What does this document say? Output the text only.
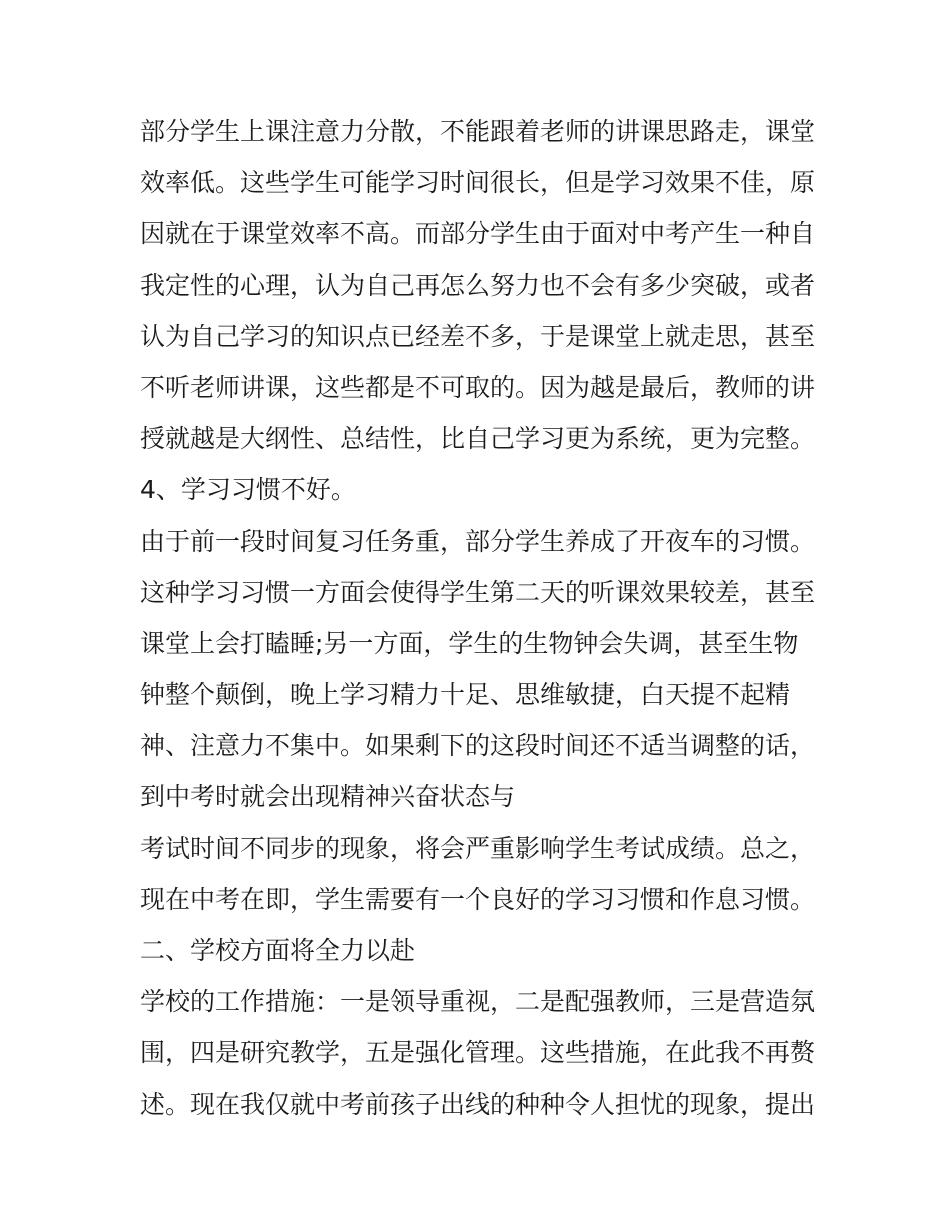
部分学生上课注意力分散，不能跟着老师的讲课思路走，课堂
效率低。这些学生可能学习时间很长，但是学习效果不佳，原
因就在于课堂效率不高。而部分学生由于面对中考产生一种自
我定性的心理，认为自己再怎么努力也不会有多少突破，或者
认为自己学习的知识点已经差不多，于是课堂上就走思，甚至
不听老师讲课，这些都是不可取的。因为越是最后，教师的讲
授就越是大纲性、总结性，比自己学习更为系统，更为完整。
4、学习习惯不好。
由于前一段时间复习任务重，部分学生养成了开夜车的习惯。
这种学习习惯一方面会使得学生第二天的听课效果较差，甚至
课堂上会打瞌睡;另一方面，学生的生物钟会失调，甚至生物
钟整个颠倒，晚上学习精力十足、思维敏捷，白天提不起精
神、注意力不集中。如果剩下的这段时间还不适当调整的话，
到中考时就会出现精神兴奋状态与
考试时间不同步的现象，将会严重影响学生考试成绩。总之，
现在中考在即，学生需要有一个良好的学习习惯和作息习惯。
二、学校方面将全力以赴
学校的工作措施：一是领导重视，二是配强教师，三是营造氛
围，四是研究教学，五是强化管理。这些措施，在此我不再赘
述。现在我仅就中考前孩子出线的种种令人担忧的现象，提出
